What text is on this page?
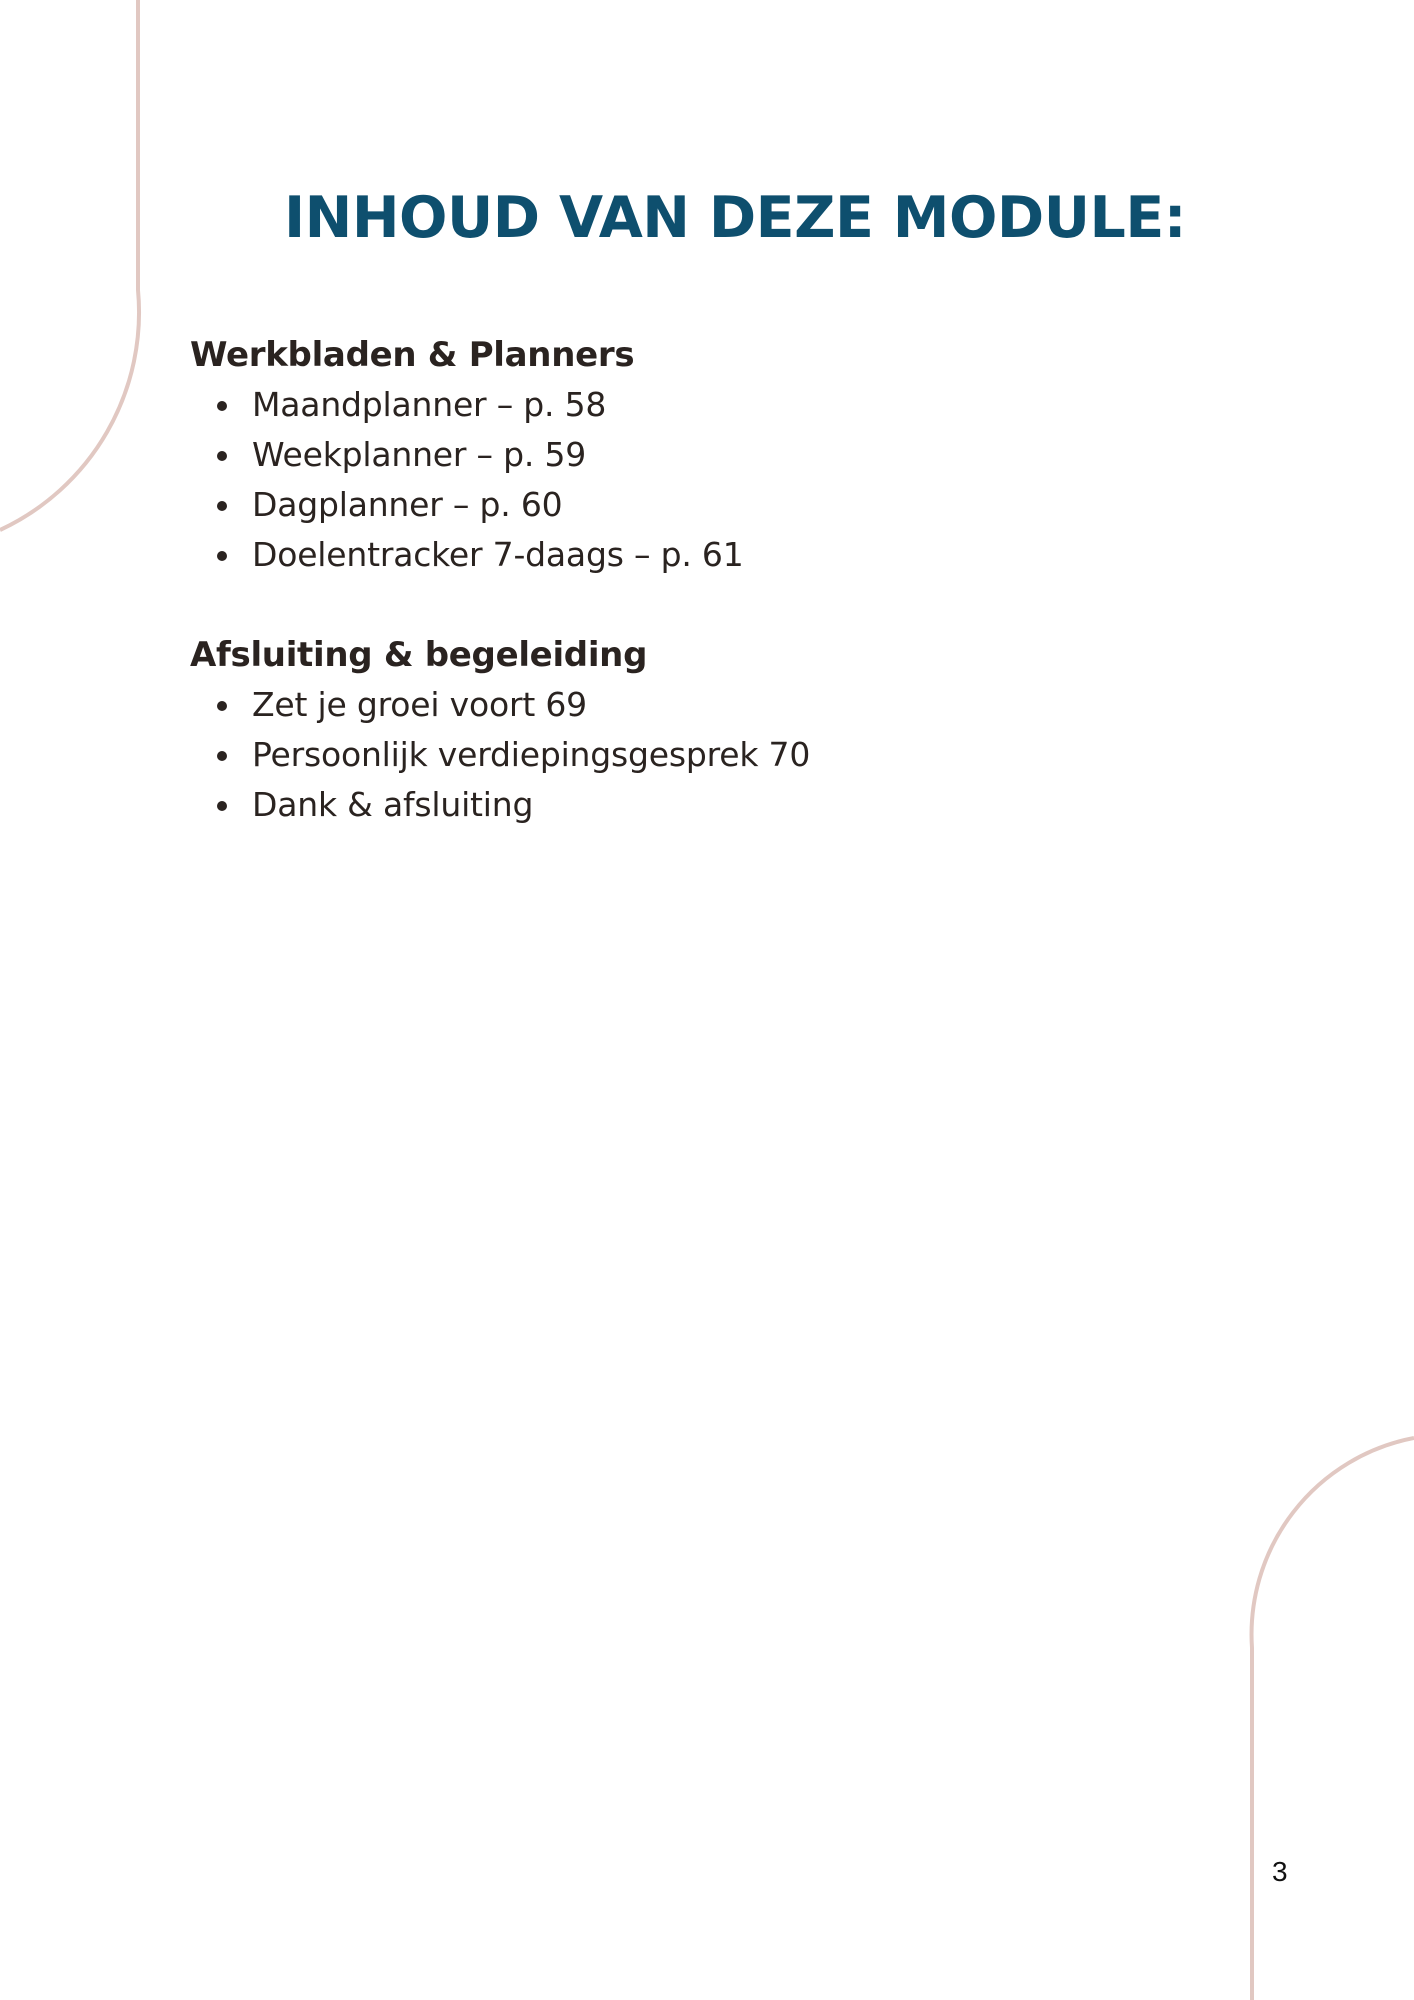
INHOUD VAN DEZE MODULE:
Werkbladen & Planners
Maandplanner – p. 58
Weekplanner – p. 59
Dagplanner – p. 60
Doelentracker 7-daags – p. 61
Afsluiting & begeleiding
Zet je groei voort 69
Persoonlijk verdiepingsgesprek 70
Dank & afsluiting
3
